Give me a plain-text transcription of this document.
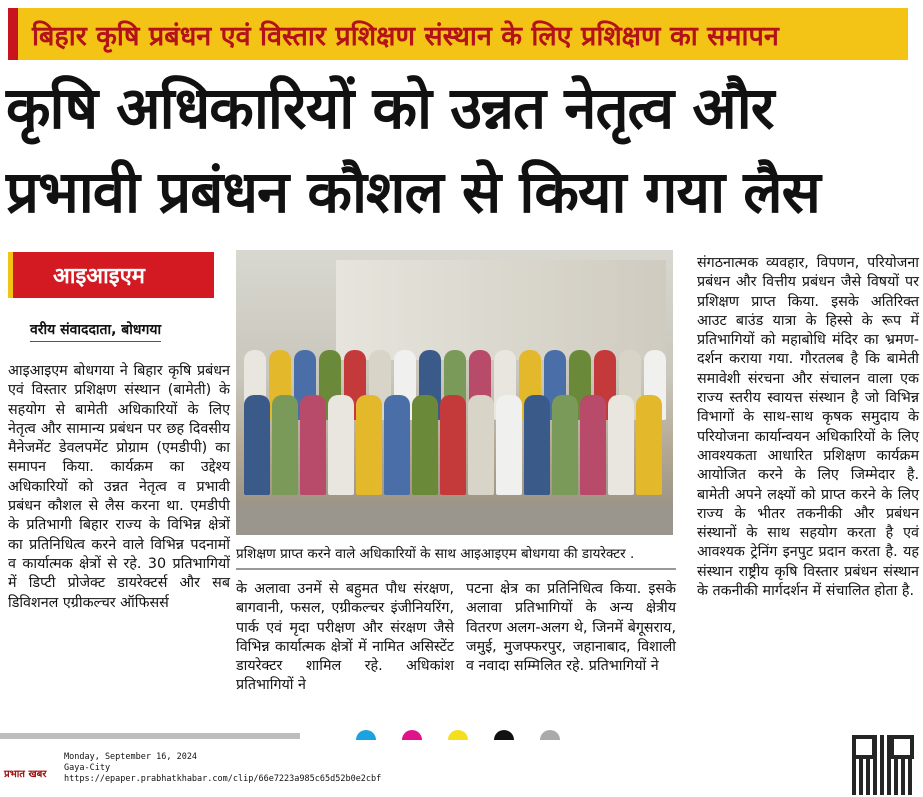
बिहार कृषि प्रबंधन एवं विस्तार प्रशिक्षण संस्थान के लिए प्रशिक्षण का समापन
कृषि अधिकारियों को उन्नत नेतृत्व और
प्रभावी प्रबंधन कौशल से किया गया लैस
आइआइएम
वरीय संवाददाता, बोधगया
आइआइएम बोधगया ने बिहार कृषि प्रबंधन एवं विस्तार प्रशिक्षण संस्थान (बामेती) के सहयोग से बामेती अधिकारियों के लिए नेतृत्व और सामान्य प्रबंधन पर छह दिवसीय मैनेजमेंट डेवलपमेंट प्रोग्राम (एमडीपी) का समापन किया. कार्यक्रम का उद्देश्य अधिकारियों को उन्नत नेतृत्व व प्रभावी प्रबंधन कौशल से लैस करना था. एमडीपी के प्रतिभागी बिहार राज्य के विभिन्न क्षेत्रों का प्रतिनिधित्व करने वाले विभिन्न पदनामों व कार्यात्मक क्षेत्रों से रहे. 30 प्रतिभागियों में डिप्टी प्रोजेक्ट डायरेक्टर्स और सब डिविशनल एग्रीकल्चर ऑफिसर्स
प्रशिक्षण प्राप्त करने वाले अधिकारियों के साथ आइआइएम बोधगया की डायरेक्टर .
के अलावा उनमें से बहुमत पौध संरक्षण, बागवानी, फसल, एग्रीकल्चर इंजीनियरिंग, पार्क एवं मृदा परीक्षण और संरक्षण जैसे विभिन्न कार्यात्मक क्षेत्रों में नामित असिस्टेंट डायरेक्टर शामिल रहे. अधिकांश प्रतिभागियों ने
पटना क्षेत्र का प्रतिनिधित्व किया. इसके अलावा प्रतिभागियों के अन्य क्षेत्रीय वितरण अलग-अलग थे, जिनमें बेगूसराय, जमुई, मुजफ्फरपुर, जहानाबाद, विशाली व नवादा सम्मिलित रहे. प्रतिभागियों ने
संगठनात्मक व्यवहार, विपणन, परियोजना प्रबंधन और वित्तीय प्रबंधन जैसे विषयों पर प्रशिक्षण प्राप्त किया. इसके अतिरिक्त आउट बाउंड यात्रा के हिस्से के रूप में प्रतिभागियों को महाबोधि मंदिर का भ्रमण-दर्शन कराया गया. गौरतलब है कि बामेती समावेशी संरचना और संचालन वाला एक राज्य स्तरीय स्वायत्त संस्थान है जो विभिन्न विभागों के साथ-साथ कृषक समुदाय के परियोजना कार्यान्वयन अधिकारियों के लिए आवश्यकता आधारित प्रशिक्षण कार्यक्रम आयोजित करने के लिए जिम्मेदार है. बामेती अपने लक्ष्यों को प्राप्त करने के लिए राज्य के भीतर तकनीकी और प्रबंधन संस्थानों के साथ सहयोग करता है एवं आवश्यक ट्रेनिंग इनपुट प्रदान करता है. यह संस्थान राष्ट्रीय कृषि विस्तार प्रबंधन संस्थान के तकनीकी मार्गदर्शन में संचालित होता है.
प्रभात खबर
Monday, September 16, 2024
Gaya-City
https://epaper.prabhatkhabar.com/clip/66e7223a985c65d52b0e2cbf
